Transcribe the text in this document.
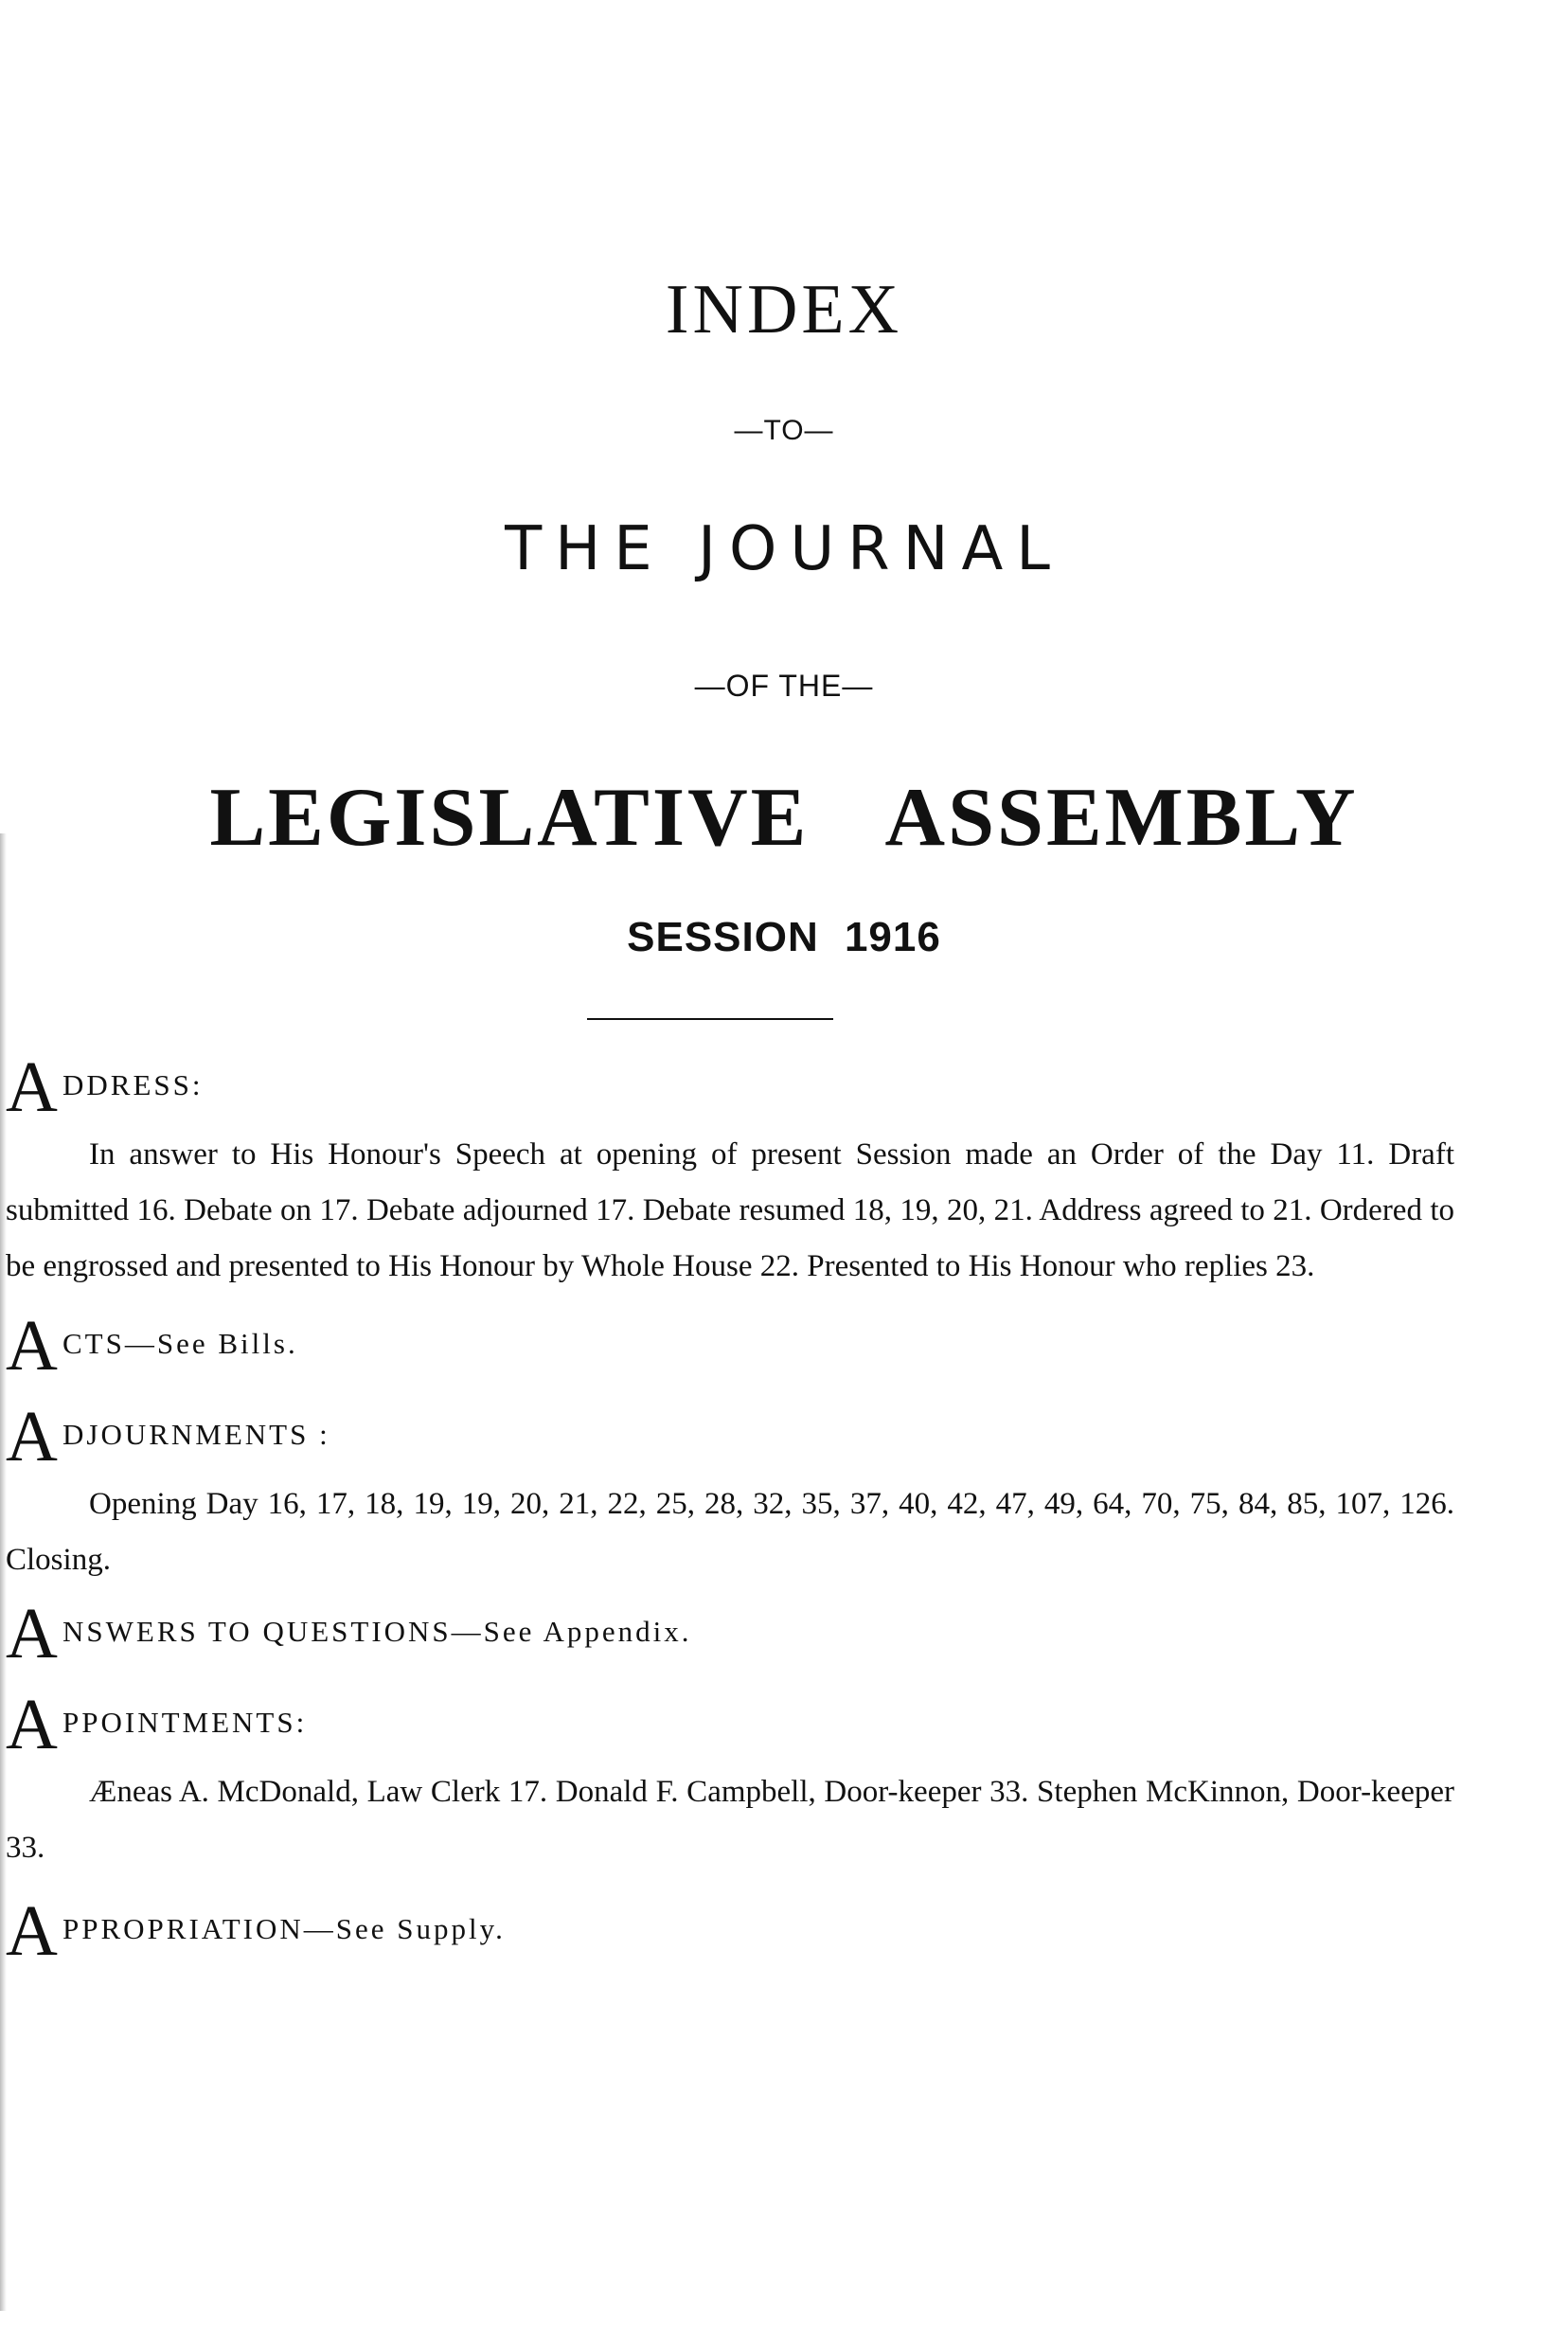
INDEX
—TO—
THE JOURNAL
—OF THE—
LEGISLATIVE ASSEMBLY
SESSION 1916
A DDRESS:
In answer to His Honour's Speech at opening of present Session made an Order of the Day 11. Draft submitted 16. Debate on 17. Debate adjourned 17. Debate resumed 18, 19, 20, 21. Address agreed to 21. Ordered to be engrossed and presented to His Honour by Whole House 22. Presented to His Honour who replies 23.
A CTS—See Bills.
A DJOURNMENTS :
Opening Day 16, 17, 18, 19, 19, 20, 21, 22, 25, 28, 32, 35, 37, 40, 42, 47, 49, 64, 70, 75, 84, 85, 107, 126. Closing.
A NSWERS TO QUESTIONS—See Appendix.
A PPOINTMENTS:
Æneas A. McDonald, Law Clerk 17. Donald F. Campbell, Door-keeper 33. Stephen McKinnon, Door-keeper 33.
A PPROPRIATION—See Supply.
